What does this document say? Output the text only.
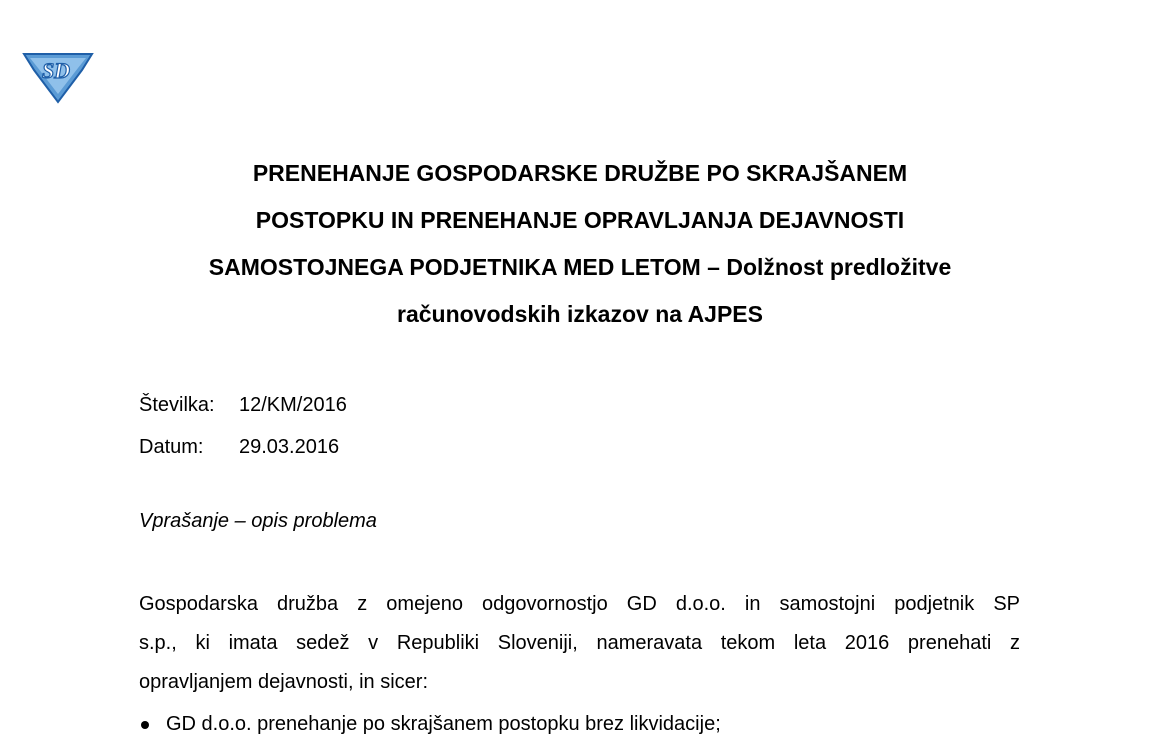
SD
PRENEHANJE GOSPODARSKE DRUŽBE PO SKRAJŠANEM
POSTOPKU IN PRENEHANJE OPRAVLJANJA DEJAVNOSTI
SAMOSTOJNEGA PODJETNIKA MED LETOM – Dolžnost predložitve
računovodskih izkazov na AJPES
Številka: 12/KM/2016
Datum: 29.03.2016
Vprašanje – opis problema

Gospodarska družba z omejeno odgovornostjo GD d.o.o. in samostojni podjetnik SP
s.p., ki imata sedež v Republiki Sloveniji, nameravata tekom leta 2016 prenehati z
opravljanjem dejavnosti, in sicer:

GD d.o.o. prenehanje po skrajšanem postopku brez likvidacije;
